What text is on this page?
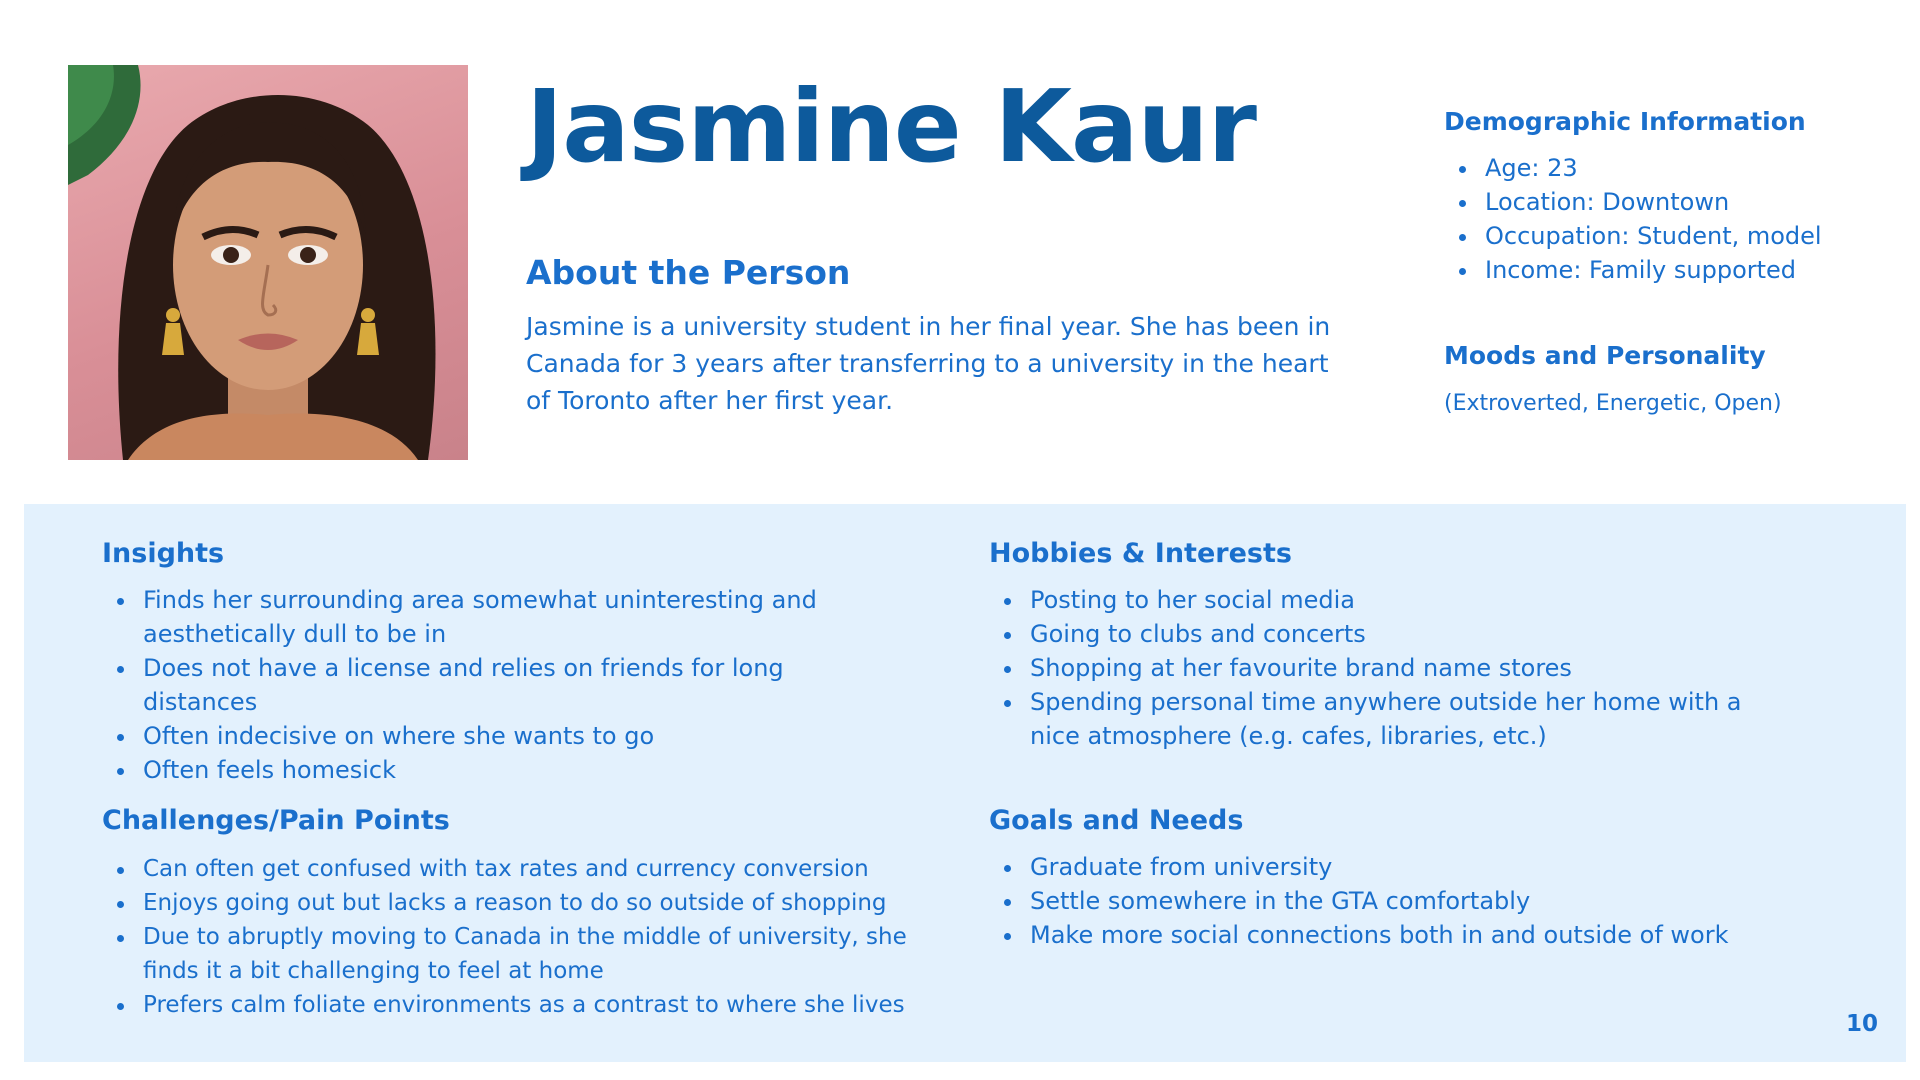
Jasmine Kaur
About the Person
Jasmine is a university student in her final year. She has been in Canada for 3 years after transferring to a university in the heart of Toronto after her first year.
Demographic Information
Age: 23
Location: Downtown
Occupation: Student, model
Income: Family supported
Moods and Personality
(Extroverted, Energetic, Open)
Insights
Finds her surrounding area somewhat uninteresting and aesthetically dull to be in
Does not have a license and relies on friends for long distances
Often indecisive on where she wants to go
Often feels homesick
Hobbies & Interests
Posting to her social media
Going to clubs and concerts
Shopping at her favourite brand name stores
Spending personal time anywhere outside her home with a nice atmosphere (e.g. cafes, libraries, etc.)
Challenges/Pain Points
Can often get confused with tax rates and currency conversion
Enjoys going out but lacks a reason to do so outside of shopping
Due to abruptly moving to Canada in the middle of university, she finds it a bit challenging to feel at home
Prefers calm foliate environments as a contrast to where she lives
Goals and Needs
Graduate from university
Settle somewhere in the GTA comfortably
Make more social connections both in and outside of work
10
